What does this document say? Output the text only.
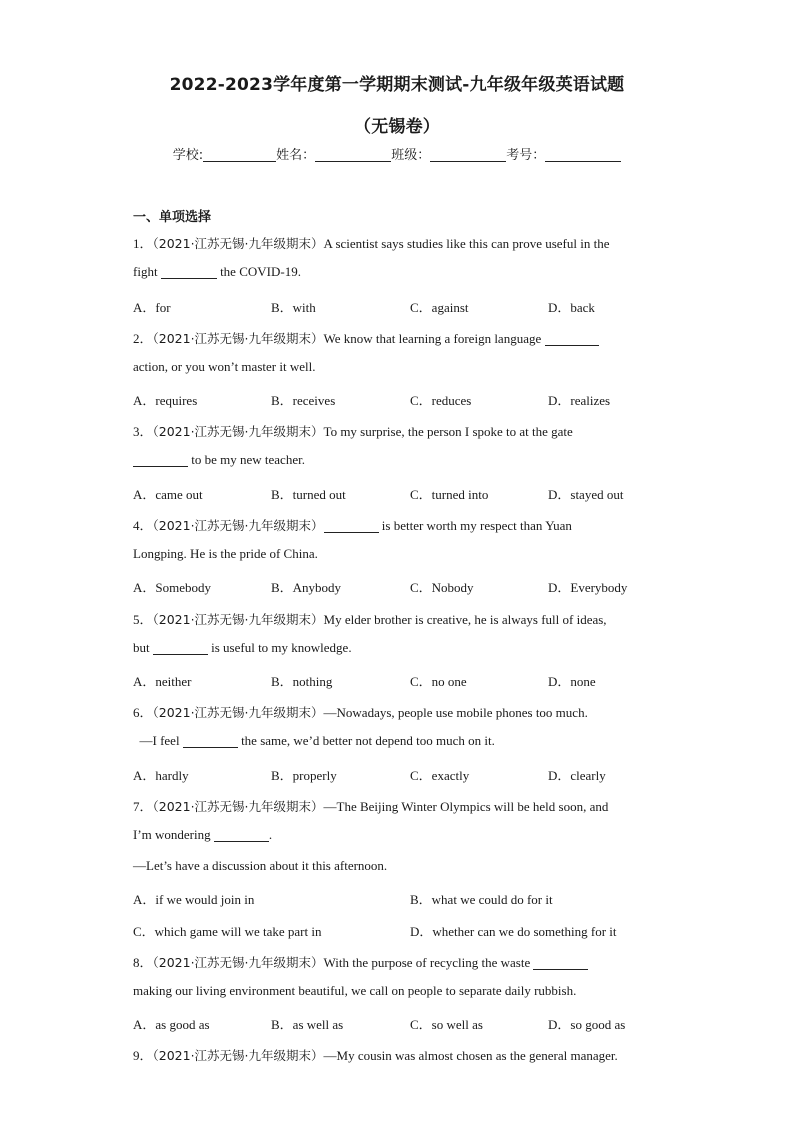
2022-2023学年度第一学期期末测试-九年级年级英语试题
（无锡卷）
学校:	姓名：	班级：	考号：
一、单项选择
1．（2021·江苏无锡·九年级期末）A scientist says studies like this can prove useful in the
fight	the COVID-19.
A．for	B．with	C．against	D．back
2．（2021·江苏无锡·九年级期末）We know that learning a foreign language
action, or you won’t master it well.
A．requires	B．receives	C．reduces	D．realizes
3．（2021·江苏无锡·九年级期末）To my surprise, the person I spoke to at the gate
to be my new teacher.
A．came out	B．turned out	C．turned into	D．stayed out
4．（2021·江苏无锡·九年级期末）	is better worth my respect than Yuan
Longping. He is the pride of China.
A．Somebody	B．Anybody	C．Nobody	D．Everybody
5．（2021·江苏无锡·九年级期末）My elder brother is creative, he is always full of ideas,
but	is useful to my knowledge.
A．neither	B．nothing	C．no one	D．none
6．（2021·江苏无锡·九年级期末）—Nowadays, people use mobile phones too much.
—I feel	the same, we’d better not depend too much on it.
A．hardly	B．properly	C．exactly	D．clearly
7．（2021·江苏无锡·九年级期末）—The Beijing Winter Olympics will be held soon, and
I’m wondering	.
—Let’s have a discussion about it this afternoon.
A．if we would join in	B．what we could do for it
C．which game will we take part in	D．whether can we do something for it
8．（2021·江苏无锡·九年级期末）With the purpose of recycling the waste
making our living environment beautiful, we call on people to separate daily rubbish.
A．as good as	B．as well as	C．so well as	D．so good as
9．（2021·江苏无锡·九年级期末）—My cousin was almost chosen as the general manager.
